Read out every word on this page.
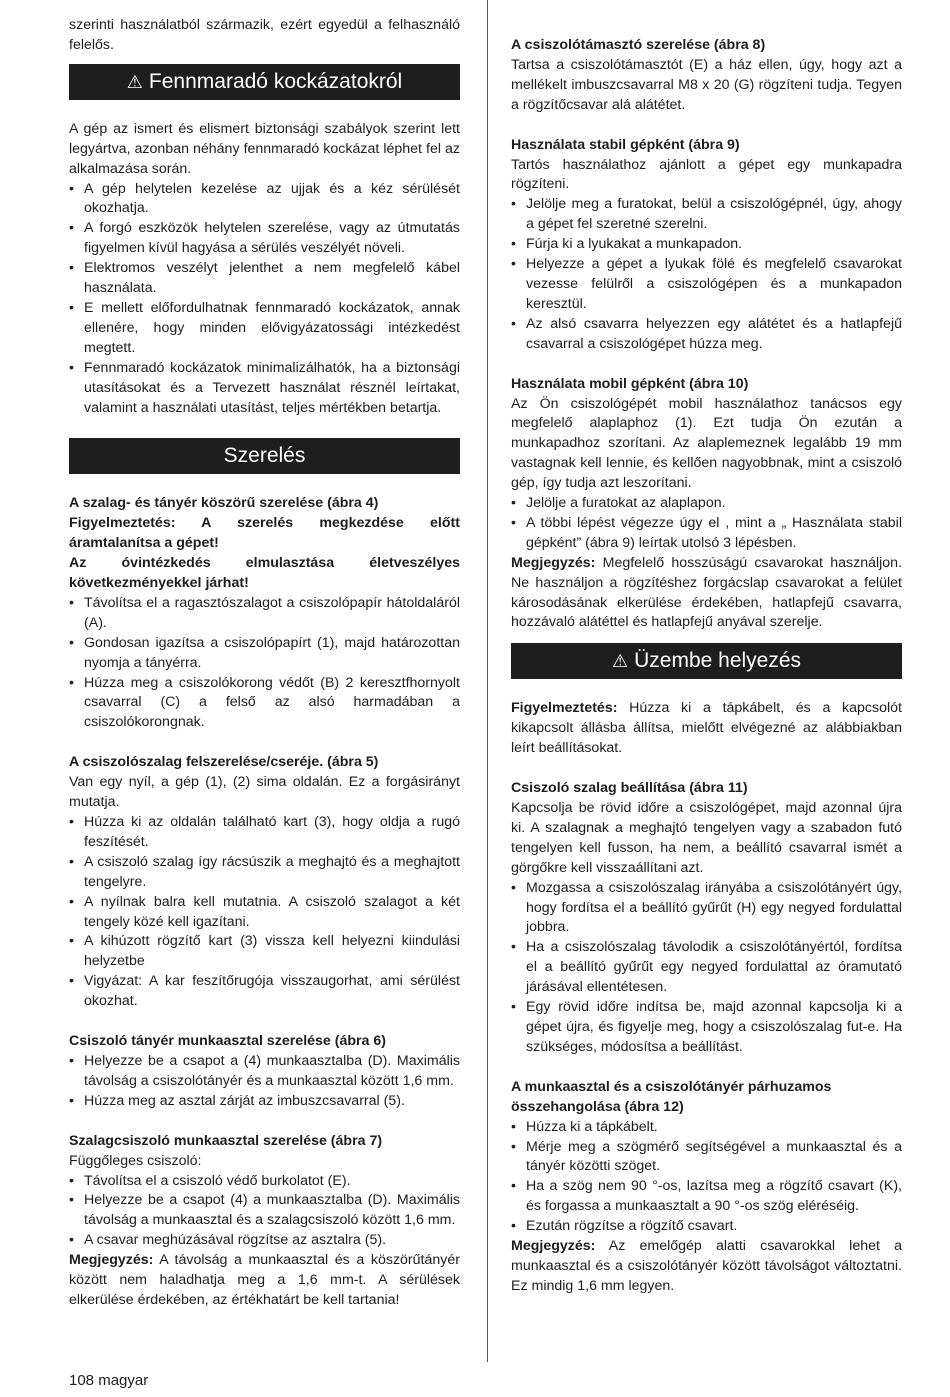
szerinti használatból származik, ezért egyedül a felhasználó felelős.

⚠ Fennmaradó kockázatokról

A gép az ismert és elismert biztonsági szabályok szerint lett legyártva, azonban néhány fennmaradó kockázat léphet fel az alkalmazása során.

• A gép helytelen kezelése az ujjak és a kéz sérülését okozhatja.

• A forgó eszközök helytelen szerelése, vagy az útmutatás figyelmen kívül hagyása a sérülés veszélyét növeli.

• Elektromos veszélyt jelenthet a nem megfelelő kábel használata.

• E mellett előfordulhatnak fennmaradó kockázatok, annak ellenére, hogy minden elővigyázatossági intézkedést megtett.

• Fennmaradó kockázatok minimalizálhatók, ha a biztonsági utasításokat és a Tervezett használat résznél leírtakat, valamint a használati utasítást, teljes mértékben betartja.

Szerelés

A szalag- és tányér köszörű szerelése (ábra 4)

Figyelmeztetés: A szerelés megkezdése előtt áramtalanítsa a gépet!

Az óvintézkedés elmulasztása életveszélyes következményekkel járhat!

• Távolítsa el a ragasztószalagot a csiszolópapír hátoldaláról (A).

• Gondosan igazítsa a csiszolópapírt (1), majd határozottan nyomja a tányérra.

• Húzza meg a csiszolókorong védőt (B) 2 keresztfhornyolt csavarral (C) a felső az alsó harmadában a csiszolókorongnak.

A csiszolószalag felszerelése/cseréje. (ábra 5)

Van egy nyíl, a gép (1), (2) sima oldalán. Ez a forgásirányt mutatja.

• Húzza ki az oldalán található kart (3), hogy oldja a rugó feszítését.

• A csiszoló szalag így rácsúszik a meghajtó és a meghajtott tengelyre.

• A nyílnak balra kell mutatnia. A csiszoló szalagot a két tengely közé kell igazítani.

• A kihúzott rögzítő kart (3) vissza kell helyezni kiindulási helyzetbe

• Vigyázat: A kar feszítőrugója visszaugorhat, ami sérülést okozhat.

Csiszoló tányér munkaasztal szerelése (ábra 6)

• Helyezze be a csapot a (4) munkaasztalba (D). Maximális távolság a csiszolótányér és a munkaasztal között 1,6 mm.

• Húzza meg az asztal zárját az imbuszcsavarral (5).

Szalagcsiszoló munkaasztal szerelése (ábra 7)

Függőleges csiszoló:

• Távolítsa el a csiszoló védő burkolatot (E).

• Helyezze be a csapot (4) a munkaasztalba (D). Maximális távolság a munkaasztal és a szalagcsiszoló között 1,6 mm.

• A csavar meghúzásával rögzítse az asztalra (5).

Megjegyzés: A távolság a munkaasztal és a köszörűtányér között nem haladhatja meg a 1,6 mm-t. A sérülések elkerülése érdekében, az értékhatárt be kell tartania!

A csiszolótámasztó szerelése (ábra 8)

Tartsa a csiszolótámasztót (E) a ház ellen, úgy, hogy azt a mellékelt imbuszcsavarral M8 x 20 (G) rögzíteni tudja. Tegyen a rögzítőcsavar alá alátétet.

Használata stabil gépként (ábra 9)

Tartós használathoz ajánlott a gépet egy munkapadra rögzíteni.

• Jelölje meg a furatokat, belül a csiszológépnél, úgy, ahogy a gépet fel szeretné szerelni.

• Fúrja ki a lyukakat a munkapadon.

• Helyezze a gépet a lyukak fölé és megfelelő csavarokat vezesse felülről a csiszológépen és a munkapadon keresztül.

• Az alsó csavarra helyezzen egy alátétet és a hatlapfejű csavarral a csiszológépet húzza meg.

Használata mobil gépként (ábra 10)

Az Ön csiszológépét mobil használathoz tanácsos egy megfelelő alaplaphoz (1). Ezt tudja Ön ezután a munkapadhoz szorítani. Az alaplemeznek legalább 19 mm vastagnak kell lennie, és kellően nagyobbnak, mint a csiszoló gép, így tudja azt leszorítani.

• Jelölje a furatokat az alaplapon.

• A többi lépést végezze úgy el , mint a „ Használata stabil gépként” (ábra 9) leírtak utolsó 3 lépésben.

Megjegyzés: Megfelelő hosszúságú csavarokat használjon. Ne használjon a rögzítéshez forgácslap csavarokat a felület károsodásának elkerülése érdekében, hatlapfejű csavarra, hozzávaló alátéttel és hatlapfejű anyával szerelje.

⚠ Üzembe helyezés

Figyelmeztetés: Húzza ki a tápkábelt, és a kapcsolót kikapcsolt állásba állítsa, mielőtt elvégezné az alábbiakban leírt beállításokat.

Csiszoló szalag beállítása (ábra 11)

Kapcsolja be rövid időre a csiszológépet, majd azonnal újra ki. A szalagnak a meghajtó tengelyen vagy a szabadon futó tengelyen kell fusson, ha nem, a beállító csavarral ismét a görgőkre kell visszaállítani azt.

• Mozgassa a csiszolószalag irányába a csiszolótányért úgy, hogy fordítsa el a beállító gyűrűt (H) egy negyed fordulattal jobbra.

• Ha a csiszolószalag távolodik a csiszolótányértól, fordítsa el a beállító gyűrűt egy negyed fordulattal az óramutató járásával ellentétesen.

• Egy rövid időre indítsa be, majd azonnal kapcsolja ki a gépet újra, és figyelje meg, hogy a csiszolószalag fut-e. Ha szükséges, módosítsa a beállítást.

A munkaasztal és a csiszolótányér párhuzamos összehangolása (ábra 12)

• Húzza ki a tápkábelt.

• Mérje meg a szögmérő segítségével a munkaasztal és a tányér közötti szöget.

• Ha a szög nem 90 °-os, lazítsa meg a rögzítő csavart (K), és forgassa a munkaasztalt a 90 °-os szög eléréséig.

• Ezután rögzítse a rögzítő csavart.

Megjegyzés: Az emelőgép alatti csavarokkal lehet a munkaasztal és a csiszolótányér között távolságot változtatni. Ez mindig 1,6 mm legyen.

108 magyar
